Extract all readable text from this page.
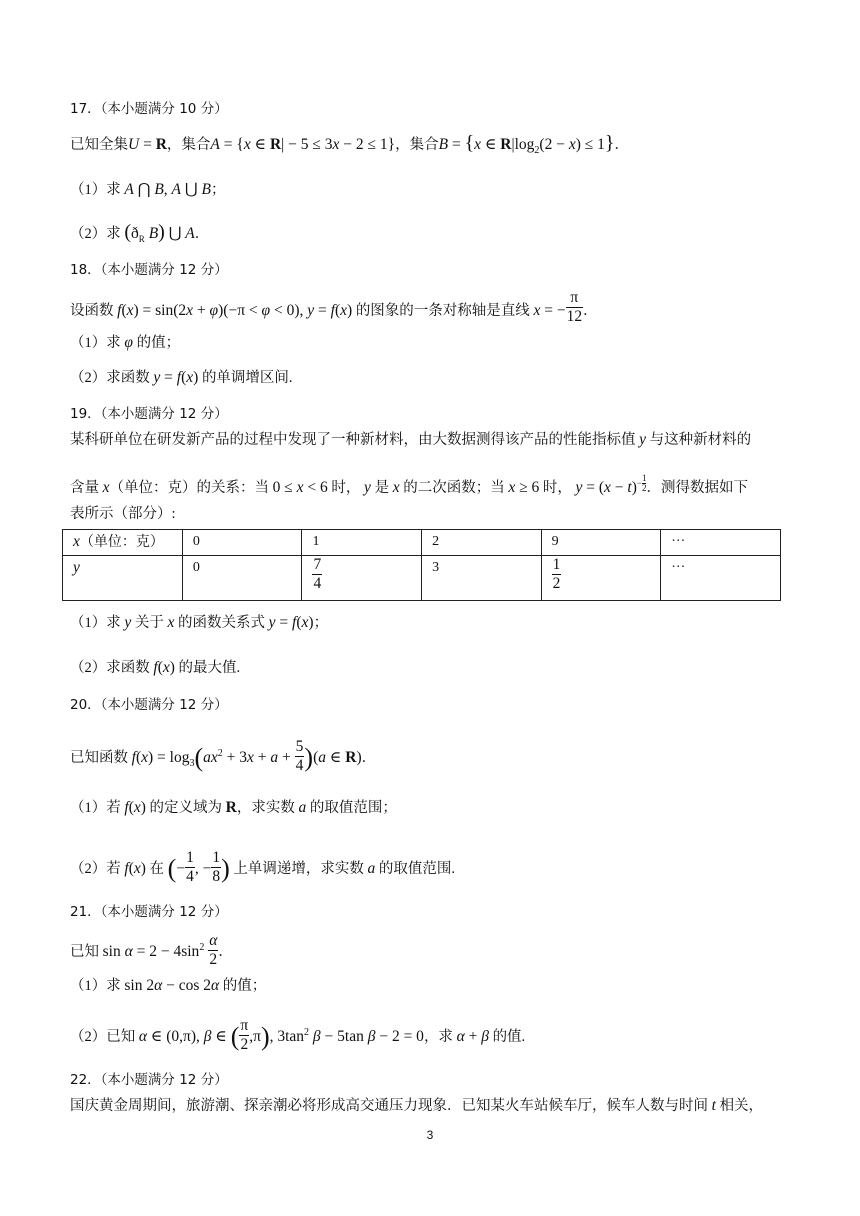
17．（本小题满分 10 分）
已知全集U = R，集合A = {x ∈ R| − 5 ≤ 3x − 2 ≤ 1}，集合B = {x ∈ $R|\log_2(2 - x) \le 1$}．
（1）求 A ⋂ B, A ⋃ B；
（2）求 ($ð_R$ B) ⋃ A．
18．（本小题满分 12 分）
设函数 f(x) = sin(2x + φ)(−π < φ < 0), y = f(x) 的图象的一条对称轴是直线 x = − $\frac{\pi}{12}$ ．
（1）求 φ 的值；
（2）求函数 y = f(x) 的单调增区间.
19．（本小题满分 12 分）
某科研单位在研发新产品的过程中发现了一种新材料，由大数据测得该产品的性能指标值 y 与这种新材料的
含量 x（单位：克）的关系：当 0 ≤ x < 6 时， y 是 x 的二次函数；当 x ≥ 6 时， $y = (x - t)^{- \frac{1}{2}}$ ．测得数据如下
表所示（部分）:
x（单位：克）	0	1	2	9	···
y	0	$\frac{7}{4}$	3	$\frac{1}{2}$	···
（1）求 y 关于 x 的函数关系式 y = f(x)；
（2）求函数 f(x) 的最大值.
20．（本小题满分 12 分）
已知函数 $f(x) = \log_3(ax^2 + 3x + a + \frac{5}{4} )(a$ ∈ R)．
（1）若 f(x) 的定义域为 R，求实数 a 的取值范围；
（2）若 f(x) 在 (− $\frac{1}{4}$ , − $\frac{1}{8}$ ) 上单调递增，求实数 a 的取值范围.
21．（本小题满分 12 分）
已知 $\sin \alpha = 2 - 4\sin^2 \frac{\alpha}{2}$ ．
（1）求 sin 2α − cos 2α 的值；
（2）已知 α ∈ (0,π), β ∈ ( $\frac{\pi}{2} ,\pi$), $3\tan^2$ β − 5tan β − 2 = 0，求 α + β 的值.
22．（本小题满分 12 分）
国庆黄金周期间，旅游潮、探亲潮必将形成高交通压力现象．已知某火车站候车厅，候车人数与时间 t 相关，
3
